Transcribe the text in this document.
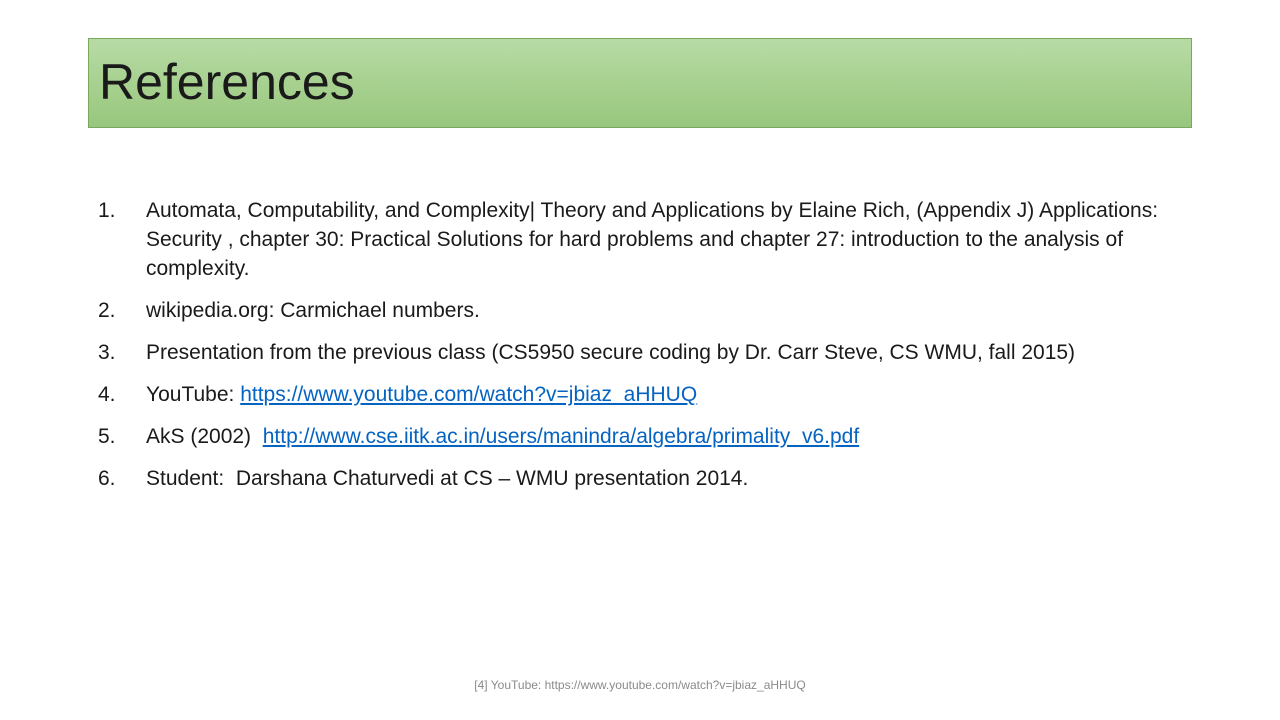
References
1. Automata, Computability, and Complexity| Theory and Applications by Elaine Rich, (Appendix J) Applications: Security , chapter 30: Practical Solutions for hard problems and chapter 27: introduction to the analysis of complexity.
2. wikipedia.org: Carmichael numbers.
3. Presentation from the previous class (CS5950 secure coding by Dr. Carr Steve, CS WMU, fall 2015)
4. YouTube: https://www.youtube.com/watch?v=jbiaz_aHHUQ
5. AkS (2002)  http://www.cse.iitk.ac.in/users/manindra/algebra/primality_v6.pdf
6. Student:  Darshana Chaturvedi at CS – WMU presentation 2014.
[4] YouTube: https://www.youtube.com/watch?v=jbiaz_aHHUQ
